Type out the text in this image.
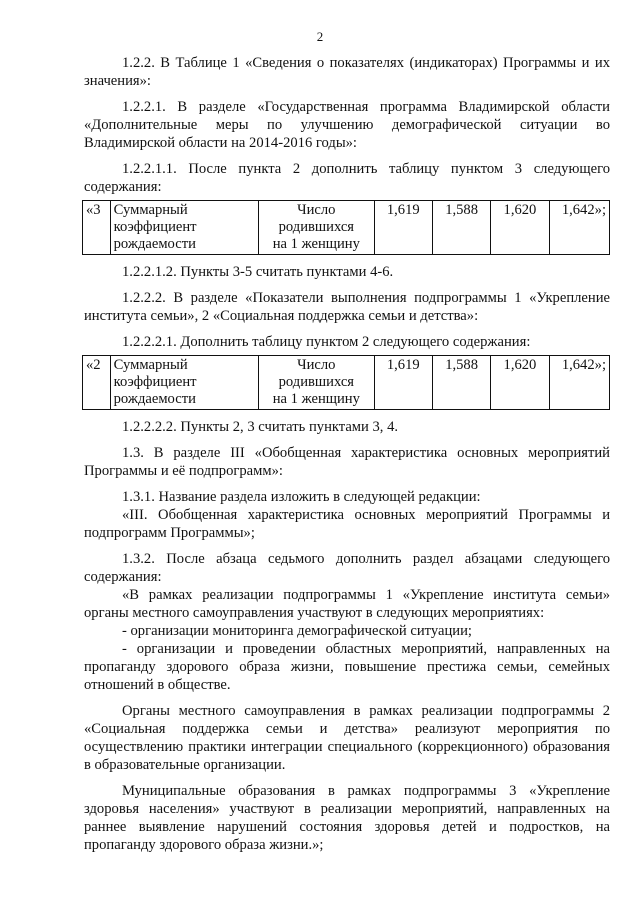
2

1.2.2. В Таблице 1 «Сведения о показателях (индикаторах) Программы и их значения»:

1.2.2.1. В разделе «Государственная программа Владимирской области «Дополнительные меры по улучшению демографической ситуации во Владимирской области на 2014-2016 годы»:

1.2.2.1.1. После пункта 2 дополнить таблицу пунктом 3 следующего содержания:

«3	Суммарный
коэффициент
рождаемости	Число
родившихся
на 1 женщину	1,619	1,588	1,620	1,642»;

1.2.2.1.2. Пункты 3-5 считать пунктами 4-6.

1.2.2.2. В разделе «Показатели выполнения подпрограммы 1 «Укрепление института семьи», 2 «Социальная поддержка семьи и детства»:

1.2.2.2.1. Дополнить таблицу пунктом 2 следующего содержания:

«2	Суммарный
коэффициент
рождаемости	Число
родившихся
на 1 женщину	1,619	1,588	1,620	1,642»;

1.2.2.2.2. Пункты 2, 3 считать пунктами 3, 4.

1.3. В разделе III «Обобщенная характеристика основных мероприятий Программы и её подпрограмм»:

1.3.1. Название раздела изложить в следующей редакции:

«III. Обобщенная характеристика основных мероприятий Программы и подпрограмм Программы»;

1.3.2. После абзаца седьмого дополнить раздел абзацами следующего содержания:

«В рамках реализации подпрограммы 1 «Укрепление института семьи» органы местного самоуправления участвуют в следующих мероприятиях:

- организации мониторинга демографической ситуации;

- организации и проведении областных мероприятий, направленных на пропаганду здорового образа жизни, повышение престижа семьи, семейных отношений в обществе.

Органы местного самоуправления в рамках реализации подпрограммы 2 «Социальная поддержка семьи и детства» реализуют мероприятия по осуществлению практики интеграции специального (коррекционного) образования в образовательные организации.

Муниципальные образования в рамках подпрограммы 3 «Укрепление здоровья населения» участвуют в реализации мероприятий, направленных на раннее выявление нарушений состояния здоровья детей и подростков, на пропаганду здорового образа жизни.»;
